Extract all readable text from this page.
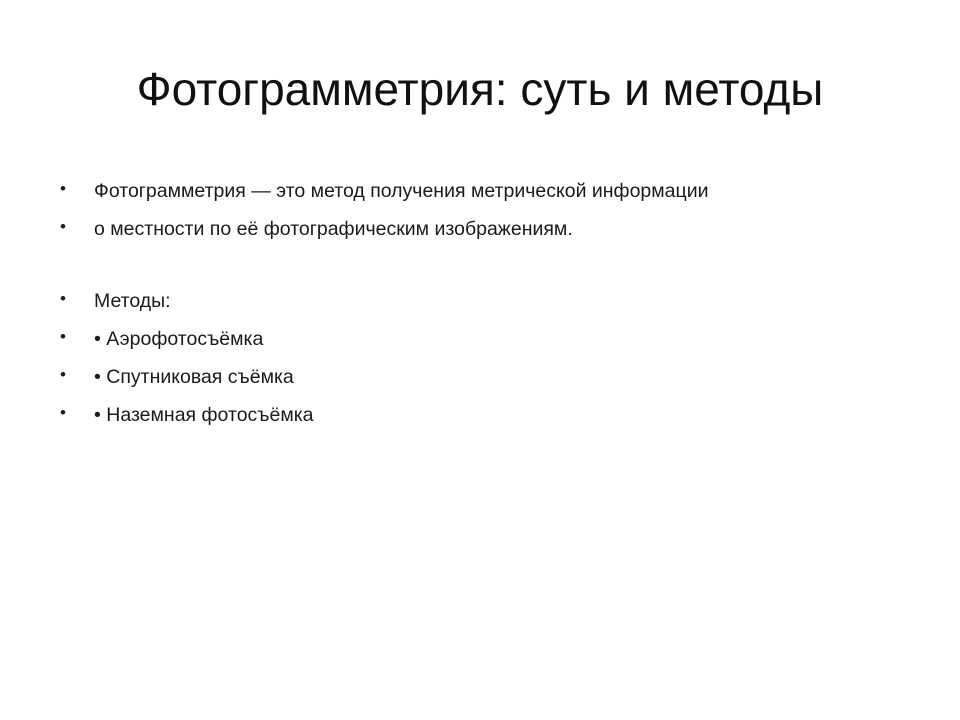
Фотограмметрия: суть и методы
• Фотограмметрия — это метод получения метрической информации
• о местности по её фотографическим изображениям.
• Методы:
• • Аэрофотосъёмка
• • Спутниковая съёмка
• • Наземная фотосъёмка
